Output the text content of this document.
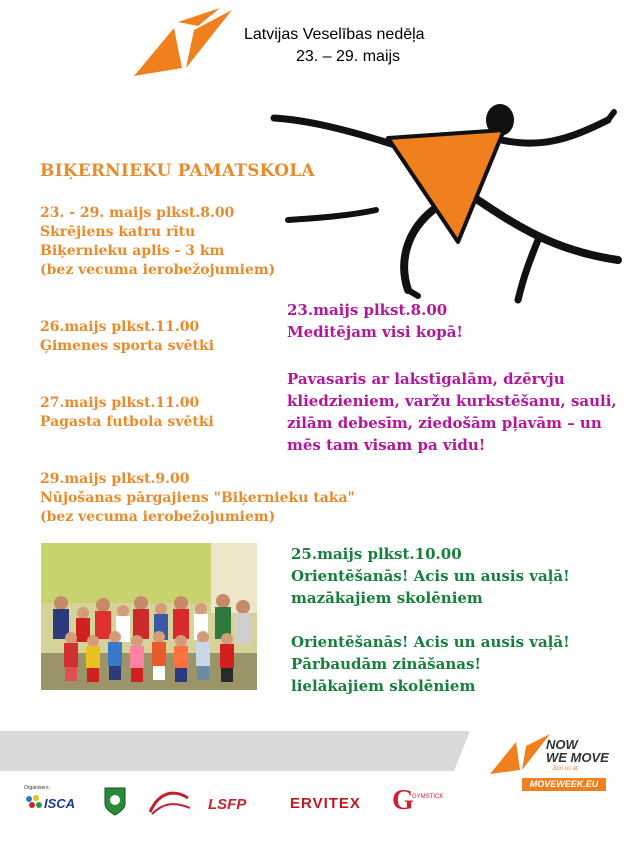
Latvijas Veselības nedēļa
23. – 29. maijs
BIĶERNIEKU PAMATSKOLA
23. - 29. maijs plkst.8.00
Skrējiens katru rītu
Biķernieku aplis - 3 km
(bez vecuma ierobežojumiem)
26.maijs plkst.11.00
Ģimenes sporta svētki
27.maijs plkst.11.00
Pagasta futbola svētki
29.maijs plkst.9.00
Nūjošanas pārgajiens "Biķernieku taka"
(bez vecuma ierobežojumiem)
23.maijs plkst.8.00
Meditējam visi kopā!
Pavasaris ar lakstīgalām, dzērvju
kliedzieniem, varžu kurkstēšanu, sauli,
zilām debesīm, ziedošām pļavām – un
mēs tam visam pa vidu!
25.maijs plkst.10.00
Orientēšanās! Acis un ausis vaļā!
mazākajiem skolēniem
Orientēšanās! Acis un ausis vaļā!
Pārbaudām zināšanas!
lielākajiem skolēniem
NOW
WE MOVE
Join us at:
MOVEWEEK.EU
Organisers:
ISCA	LSFP	ERVITEX G
GYMSTICK
